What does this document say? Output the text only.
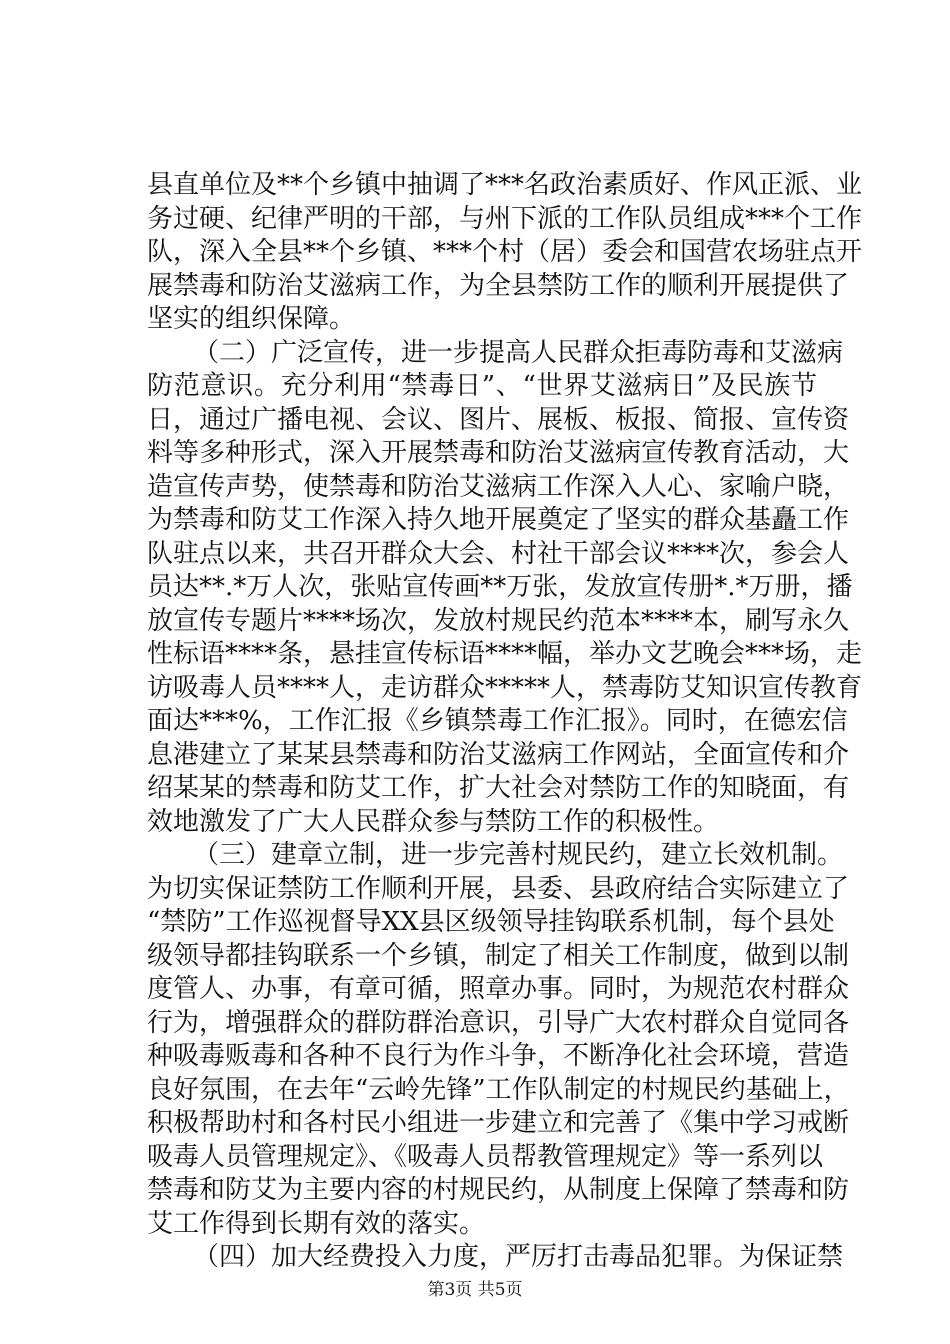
县直单位及**个乡镇中抽调了***名政治素质好、作风正派、业
务过硬、纪律严明的干部，与州下派的工作队员组成***个工作
队，深入全县**个乡镇、***个村（居）委会和国营农场驻点开
展禁毒和防治艾滋病工作，为全县禁防工作的顺利开展提供了
坚实的组织保障。
（二）广泛宣传，进一步提高人民群众拒毒防毒和艾滋病
防范意识。充分利用“禁毒日”、“世界艾滋病日”及民族节
日，通过广播电视、会议、图片、展板、板报、简报、宣传资
料等多种形式，深入开展禁毒和防治艾滋病宣传教育活动，大
造宣传声势，使禁毒和防治艾滋病工作深入人心、家喻户晓，
为禁毒和防艾工作深入持久地开展奠定了坚实的群众基矗工作
队驻点以来，共召开群众大会、村社干部会议****次，参会人
员达**.*万人次，张贴宣传画**万张，发放宣传册*.*万册，播
放宣传专题片****场次，发放村规民约范本****本，刷写永久
性标语****条，悬挂宣传标语****幅，举办文艺晚会***场，走
访吸毒人员****人，走访群众*****人，禁毒防艾知识宣传教育
面达***%，工作汇报《乡镇禁毒工作汇报》。同时，在德宏信
息港建立了某某县禁毒和防治艾滋病工作网站，全面宣传和介
绍某某的禁毒和防艾工作，扩大社会对禁防工作的知晓面，有
效地激发了广大人民群众参与禁防工作的积极性。
（三）建章立制，进一步完善村规民约，建立长效机制。
为切实保证禁防工作顺利开展，县委、县政府结合实际建立了
“禁防”工作巡视督导XX县区级领导挂钩联系机制，每个县处
级领导都挂钩联系一个乡镇，制定了相关工作制度，做到以制
度管人、办事，有章可循，照章办事。同时，为规范农村群众
行为，增强群众的群防群治意识，引导广大农村群众自觉同各
种吸毒贩毒和各种不良行为作斗争，不断净化社会环境，营造
良好氛围，在去年“云岭先锋”工作队制定的村规民约基础上，
积极帮助村和各村民小组进一步建立和完善了《集中学习戒断
吸毒人员管理规定》、《吸毒人员帮教管理规定》等一系列以
禁毒和防艾为主要内容的村规民约，从制度上保障了禁毒和防
艾工作得到长期有效的落实。
（四）加大经费投入力度，严厉打击毒品犯罪。为保证禁
第3页 共5页
